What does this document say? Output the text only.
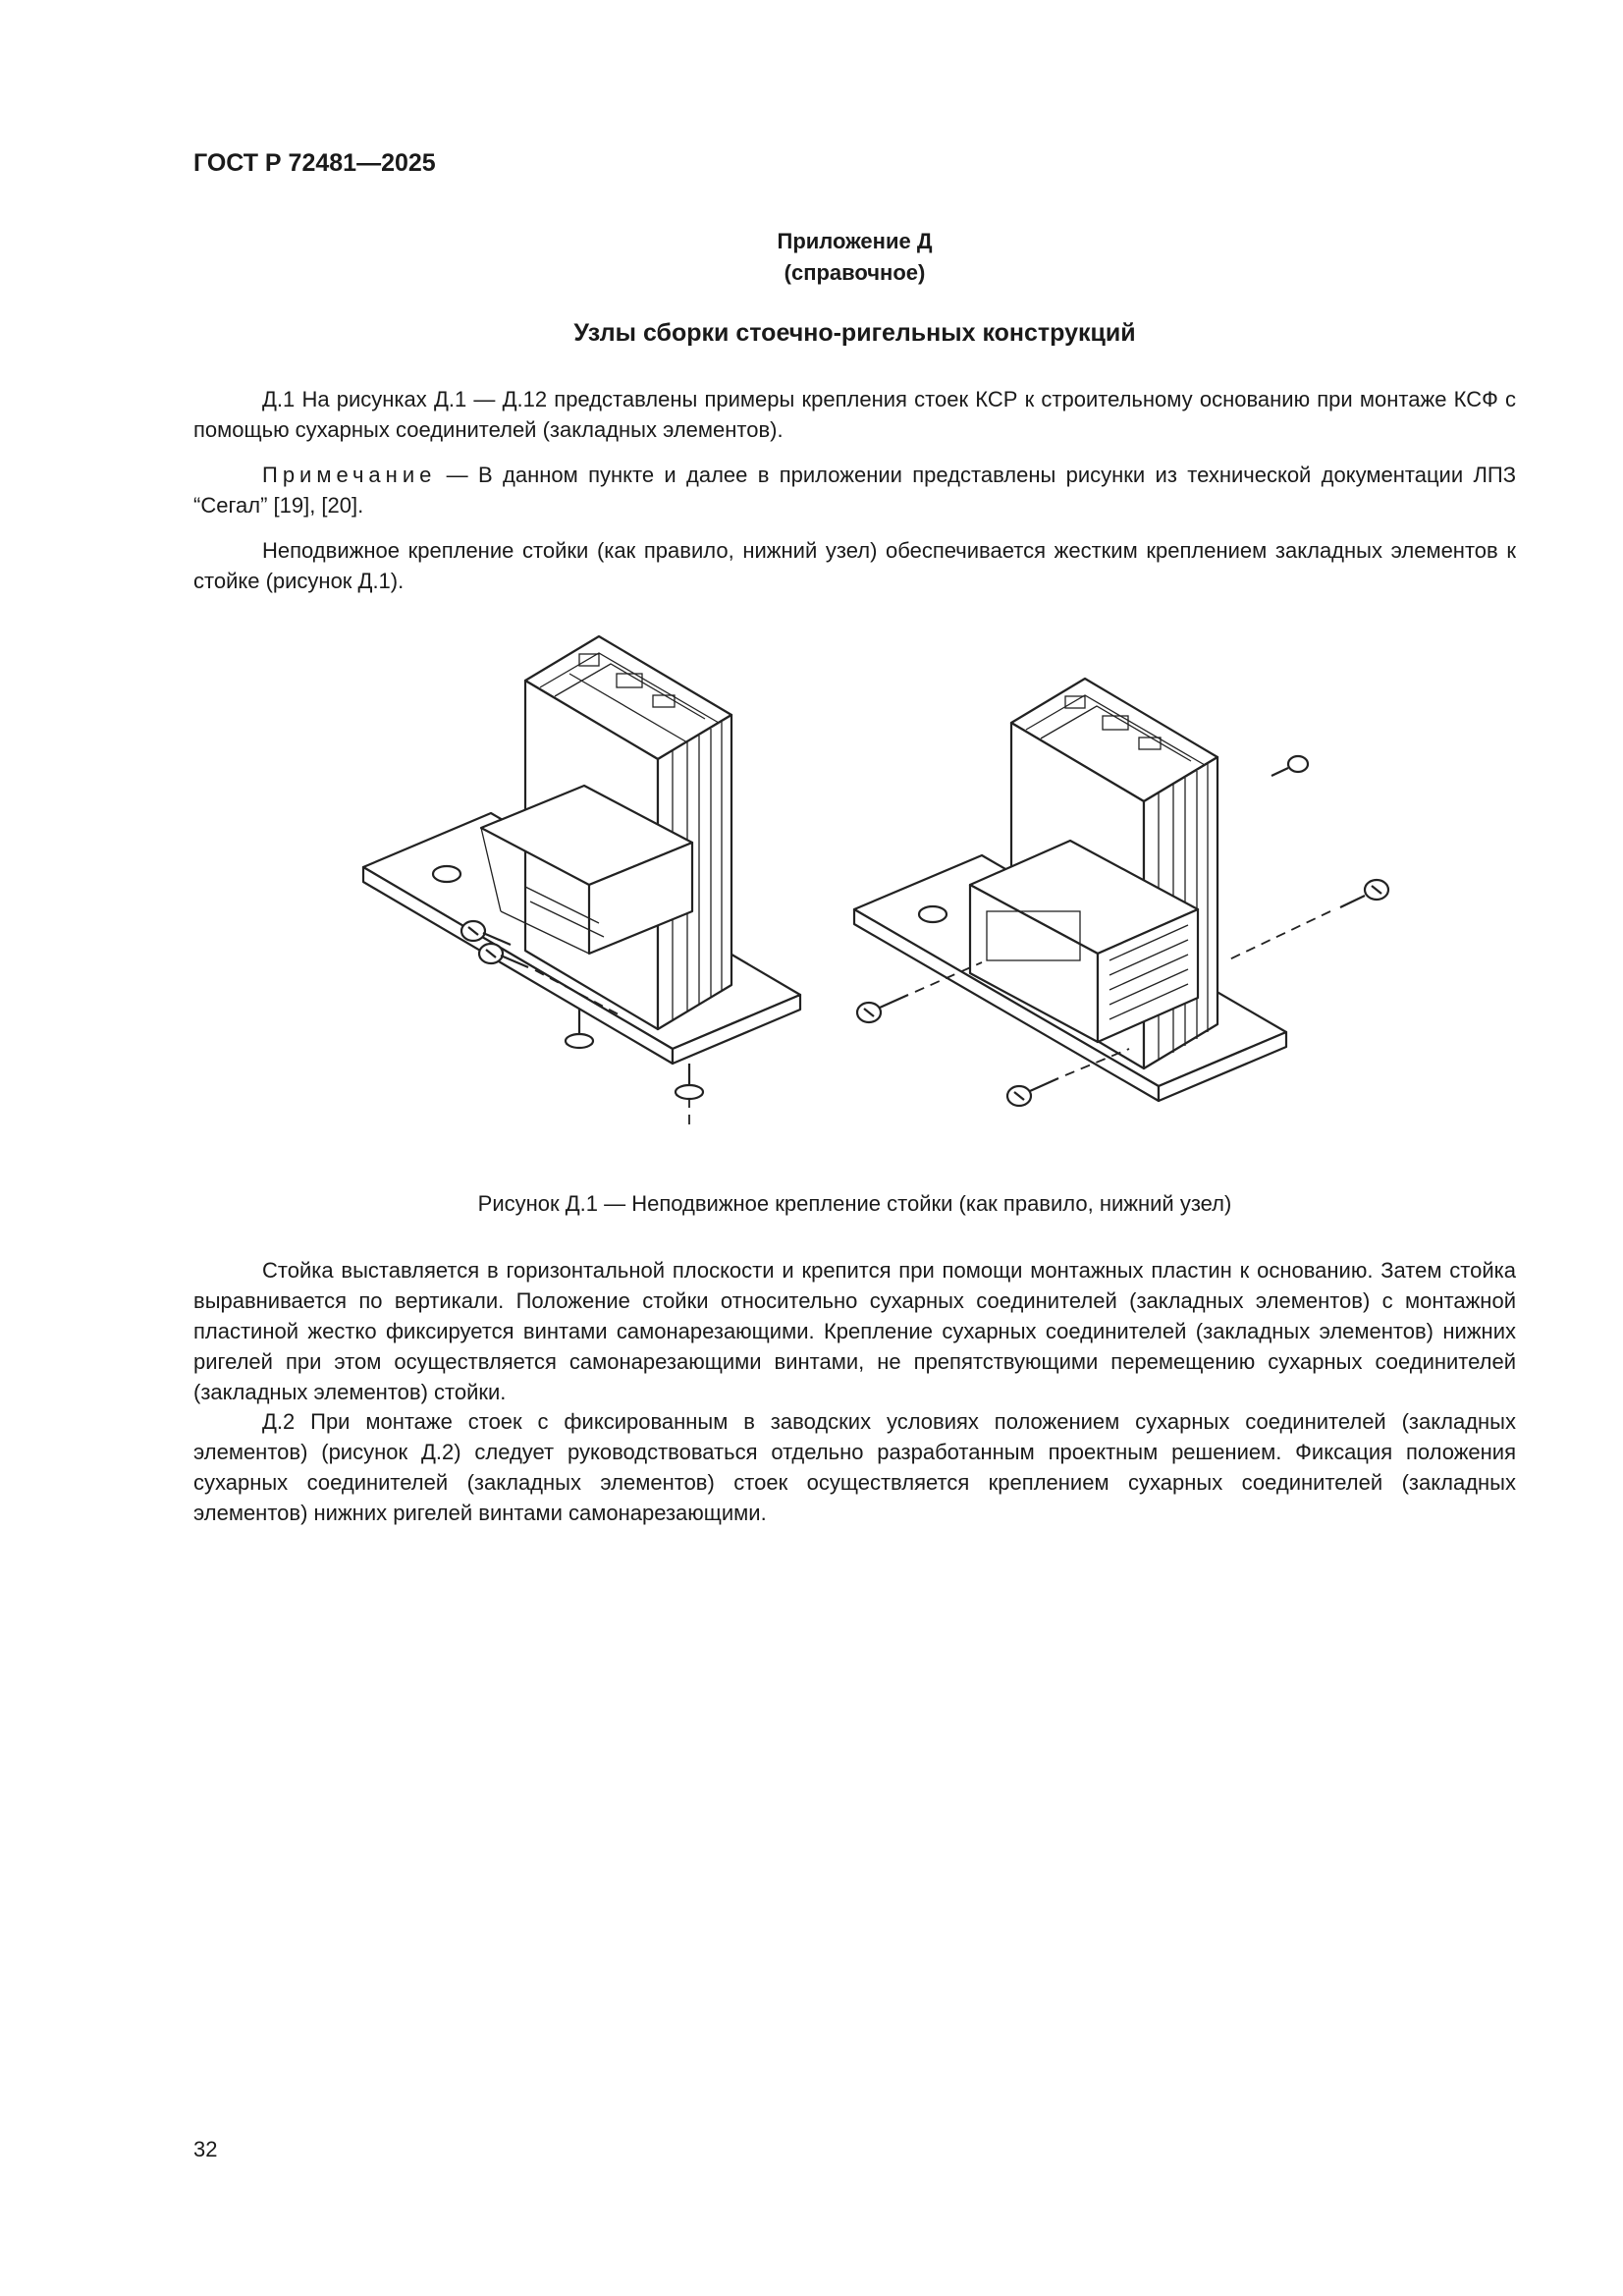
ГОСТ Р 72481—2025
Приложение Д
(справочное)
Узлы сборки стоечно-ригельных конструкций

Д.1 На рисунках Д.1 — Д.12 представлены примеры крепления стоек КСР к строительному основанию при монтаже КСФ с помощью сухарных соединителей (закладных элементов).

Примечание — В данном пункте и далее в приложении представлены рисунки из технической документации ЛПЗ “Сегал” [19], [20].

Неподвижное крепление стойки (как правило, нижний узел) обеспечивается жестким креплением закладных элементов к стойке (рисунок Д.1).

Рисунок Д.1 — Неподвижное крепление стойки (как правило, нижний узел)

Стойка выставляется в горизонтальной плоскости и крепится при помощи монтажных пластин к основанию. Затем стойка выравнивается по вертикали. Положение стойки относительно сухарных соединителей (закладных элементов) с монтажной пластиной жестко фиксируется винтами самонарезающими. Крепление сухарных соединителей (закладных элементов) нижних ригелей при этом осуществляется самонарезающими винтами, не препятствующими перемещению сухарных соединителей (закладных элементов) стойки.

Д.2 При монтаже стоек с фиксированным в заводских условиях положением сухарных соединителей (закладных элементов) (рисунок Д.2) следует руководствоваться отдельно разработанным проектным решением. Фиксация положения сухарных соединителей (закладных элементов) стоек осуществляется креплением сухарных соединителей (закладных элементов) нижних ригелей винтами самонарезающими.

32
